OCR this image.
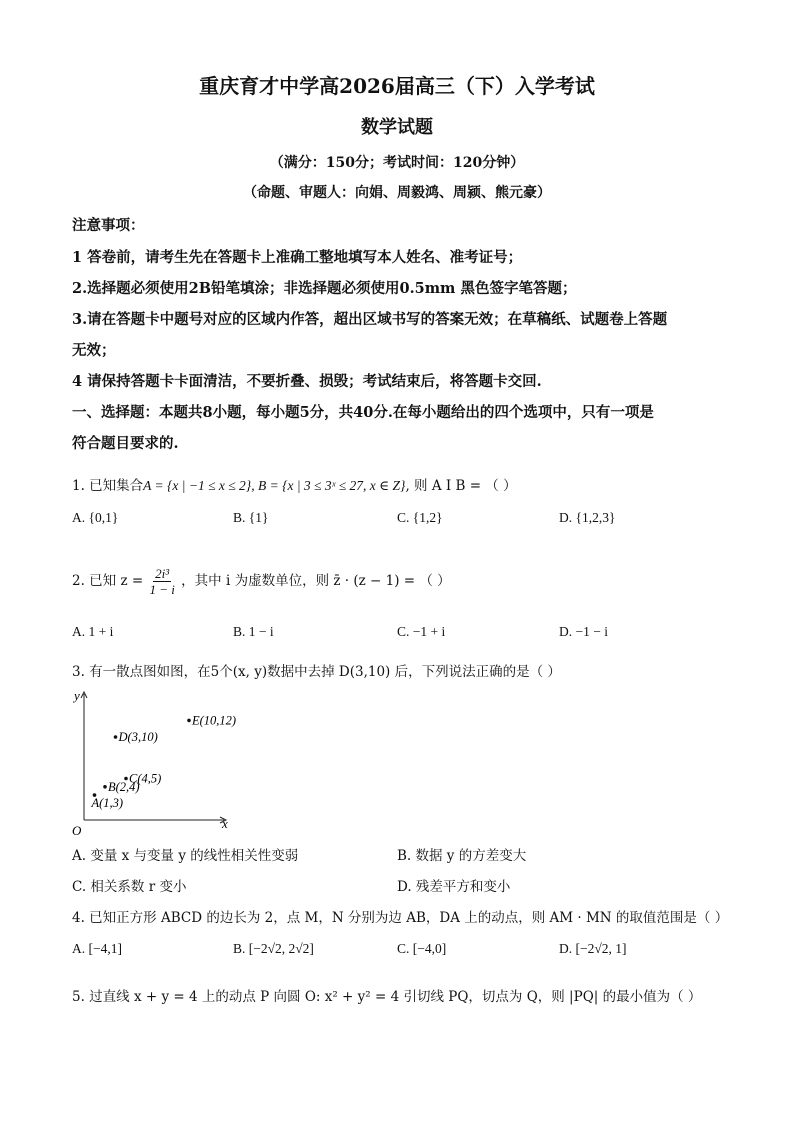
重庆育才中学高2026届高三（下）入学考试
数学试题
（满分：150分；考试时间：120分钟）
（命题、审题人：向娟、周毅鸿、周颍、熊元豪）
注意事项：
1 答卷前，请考生先在答题卡上准确工整地填写本人姓名、准考证号；
2.选择题必须使用2B铅笔填涂；非选择题必须使用0.5mm 黑色签字笔答题；
3.请在答题卡中题号对应的区域内作答，超出区域书写的答案无效；在草稿纸、试题卷上答题
无效；
4 请保持答题卡卡面清洁，不要折叠、损毁；考试结束后，将答题卡交回.
一、选择题：本题共8小题，每小题5分，共40分.在每小题给出的四个选项中，只有一项是
符合题目要求的.
1. 已知集合A = {x | −1 ≤ x ≤ 2}, B = {x | 3 ≤ 3ˣ ≤ 27, x ∈ Z}, 则 A I B = （ ）
A. {0,1}	B. {1}	C. {1,2}	D. {1,2,3}
2. 已知 $z = \frac{\text{2i³}}{1 - i}$ ，其中 i 为虚数单位，则 z̄ · (z − 1) = （ ）
A. 1 + i	B. 1 − i	C. −1 + i	D. −1 − i
3. 有一散点图如图，在5个(x, y)数据中去掉 D(3,10) 后，下列说法正确的是（ ）
y
x
O
A(1,3)
B(2,4)
C(4,5)
D(3,10)
E(10,12)
A. 变量 x 与变量 y 的线性相关性变弱	B. 数据 y 的方差变大
C. 相关系数 r 变小	D. 残差平方和变小
4. 已知正方形 ABCD 的边长为 2，点 M，N 分别为边 AB，DA 上的动点，则 AM · MN 的取值范围是（ ）
A. [−4,1]	B. [−2√2, 2√2]	C. [−4,0]	D. [−2√2, 1]
5. 过直线 x + y = 4 上的动点 P 向圆 O: x² + y² = 4 引切线 PQ，切点为 Q，则 |PQ| 的最小值为（ ）
